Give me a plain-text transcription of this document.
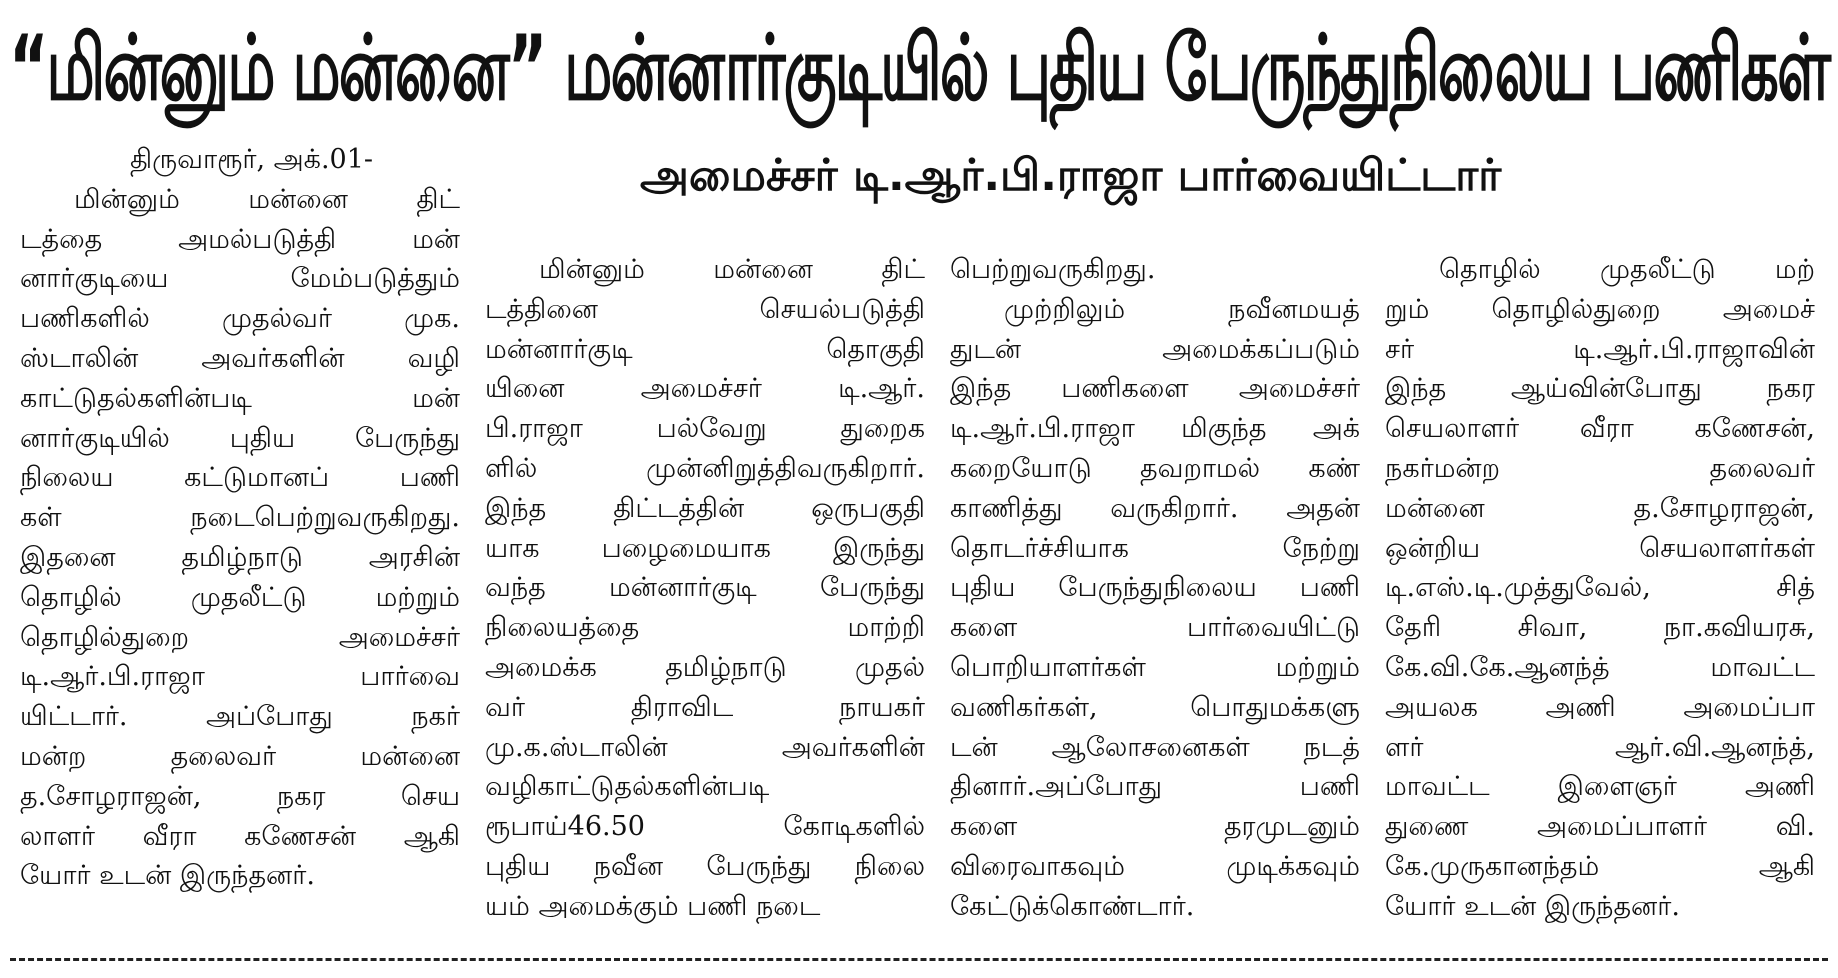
“மின்னும் மன்னை” மன்னார்குடியில் புதிய பேருந்துநிலைய பணிகள்
அமைச்சர் டி.ஆர்.பி.ராஜா பார்வையிட்டார்
திருவாரூர், அக்.01-
மின்னும் மன்னை திட்
டத்தை அமல்படுத்தி மன்
னார்குடியை மேம்படுத்தும்
பணிகளில் முதல்வர் முக.
ஸ்டாலின் அவர்களின் வழி
காட்டுதல்களின்படி மன்
னார்குடியில் புதிய பேருந்து
நிலைய கட்டுமானப் பணி
கள் நடைபெற்றுவருகிறது.
இதனை தமிழ்நாடு அரசின்
தொழில் முதலீட்டு மற்றும்
தொழில்துறை அமைச்சர்
டி.ஆர்.பி.ராஜா பார்வை
யிட்டார். அப்போது நகர்
மன்ற தலைவர் மன்னை
த.சோழராஜன், நகர செய
லாளர் வீரா கணேசன் ஆகி
யோர் உடன் இருந்தனர்.
மின்னும் மன்னை திட்
டத்தினை செயல்படுத்தி
மன்னார்குடி தொகுதி
யினை அமைச்சர் டி.ஆர்.
பி.ராஜா பல்வேறு துறைக
ளில் முன்னிறுத்திவருகிறார்.
இந்த திட்டத்தின் ஒருபகுதி
யாக பழைமையாக இருந்து
வந்த மன்னார்குடி பேருந்து
நிலையத்தை மாற்றி
அமைக்க தமிழ்நாடு முதல்
வர் திராவிட நாயகர்
மு.க.ஸ்டாலின் அவர்களின்
வழிகாட்டுதல்களின்படி
ரூபாய்46.50 கோடிகளில்
புதிய நவீன பேருந்து நிலை
யம் அமைக்கும் பணி நடை
பெற்றுவருகிறது.
முற்றிலும் நவீனமயத்
துடன் அமைக்கப்படும்
இந்த பணிகளை அமைச்சர்
டி.ஆர்.பி.ராஜா மிகுந்த அக்
கறையோடு தவறாமல் கண்
காணித்து வருகிறார். அதன்
தொடர்ச்சியாக நேற்று
புதிய பேருந்துநிலைய பணி
களை பார்வையிட்டு
பொறியாளர்கள் மற்றும்
வணிகர்கள், பொதுமக்களு
டன் ஆலோசனைகள் நடத்
தினார்.அப்போது பணி
களை தரமுடனும்
விரைவாகவும் முடிக்கவும்
கேட்டுக்கொண்டார்.
தொழில் முதலீட்டு மற்
றும் தொழில்துறை அமைச்
சர் டி.ஆர்.பி.ராஜாவின்
இந்த ஆய்வின்போது நகர
செயலாளர் வீரா கணேசன்,
நகர்மன்ற தலைவர்
மன்னை த.சோழராஜன்,
ஒன்றிய செயலாளர்கள்
டி.எஸ்.டி.முத்துவேல், சித்
தேரி சிவா, நா.கவியரசு,
கே.வி.கே.ஆனந்த் மாவட்ட
அயலக அணி அமைப்பா
ளர் ஆர்.வி.ஆனந்த்,
மாவட்ட இளைஞர் அணி
துணை அமைப்பாளர் வி.
கே.முருகானந்தம் ஆகி
யோர் உடன் இருந்தனர்.
